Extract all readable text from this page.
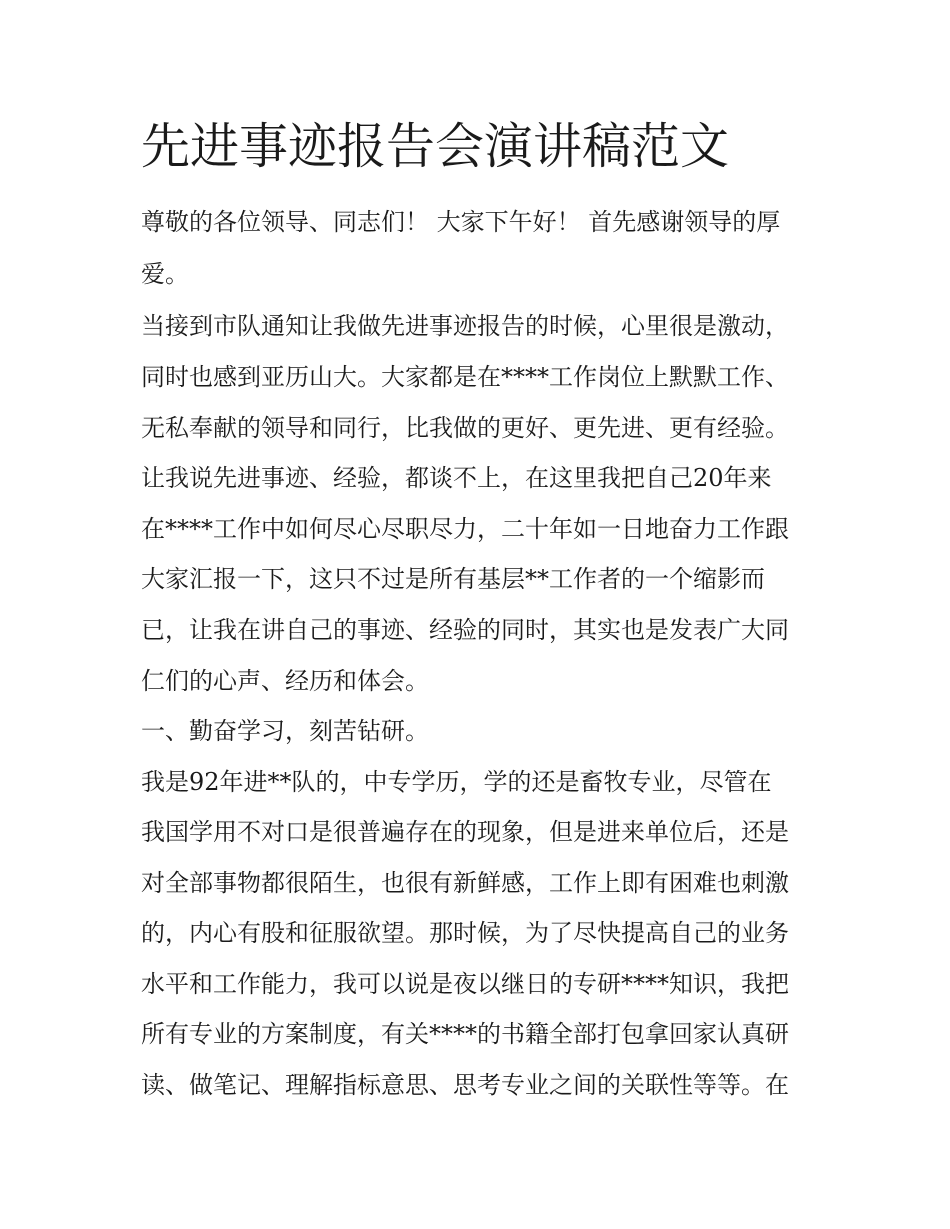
先进事迹报告会演讲稿范文

尊敬的各位领导、同志们！ 大家下午好！ 首先感谢领导的厚

爱。

当接到市队通知让我做先进事迹报告的时候，心里很是激动，

同时也感到亚历山大。大家都是在****工作岗位上默默工作、

无私奉献的领导和同行，比我做的更好、更先进、更有经验。

让我说先进事迹、经验，都谈不上，在这里我把自己20年来

在****工作中如何尽心尽职尽力，二十年如一日地奋力工作跟

大家汇报一下，这只不过是所有基层**工作者的一个缩影而

已，让我在讲自己的事迹、经验的同时，其实也是发表广大同

仁们的心声、经历和体会。

一、勤奋学习，刻苦钻研。

我是92年进**队的，中专学历，学的还是畜牧专业，尽管在

我国学用不对口是很普遍存在的现象，但是进来单位后，还是

对全部事物都很陌生，也很有新鲜感，工作上即有困难也刺激

的，内心有股和征服欲望。那时候，为了尽快提高自己的业务

水平和工作能力，我可以说是夜以继日的专研****知识，我把

所有专业的方案制度，有关****的书籍全部打包拿回家认真研

读、做笔记、理解指标意思、思考专业之间的关联性等等。在
